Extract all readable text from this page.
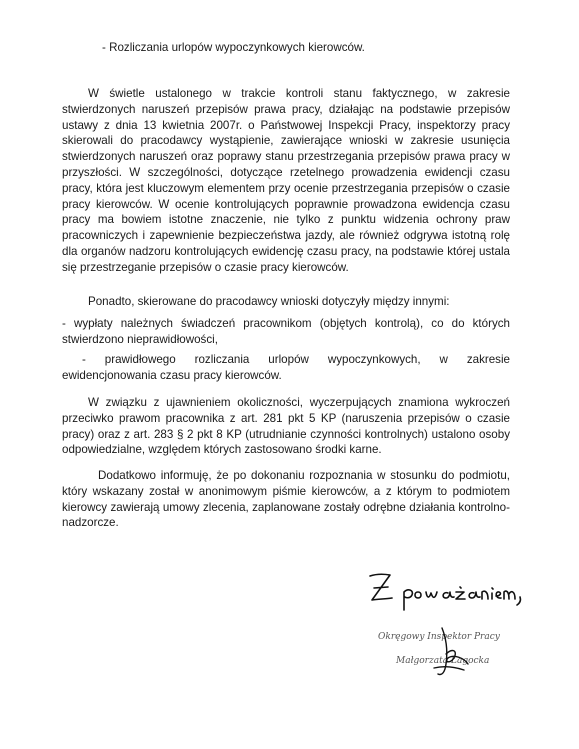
- Rozliczania urlopów wypoczynkowych kierowców.

W świetle ustalonego w trakcie kontroli stanu faktycznego, w zakresie stwierdzonych naruszeń przepisów prawa pracy, działając na podstawie przepisów ustawy z dnia 13 kwietnia 2007r. o Państwowej Inspekcji Pracy, inspektorzy pracy skierowali do pracodawcy wystąpienie, zawierające wnioski w zakresie usunięcia stwierdzonych naruszeń oraz poprawy stanu przestrzegania przepisów prawa pracy w przyszłości. W szczególności, dotyczące rzetelnego prowadzenia ewidencji czasu pracy, która jest kluczowym elementem przy ocenie przestrzegania przepisów o czasie pracy kierowców. W ocenie kontrolujących poprawnie prowadzona ewidencja czasu pracy ma bowiem istotne znaczenie, nie tylko z punktu widzenia ochrony praw pracowniczych i zapewnienie bezpieczeństwa jazdy, ale również odgrywa istotną rolę dla organów nadzoru kontrolujących ewidencję czasu pracy, na podstawie której ustala się przestrzeganie przepisów o czasie pracy kierowców.

Ponadto, skierowane do pracodawcy wnioski dotyczyły między innymi:

- wypłaty należnych świadczeń pracownikom (objętych kontrolą), co do których stwierdzono nieprawidłowości,

- prawidłowego rozliczania urlopów wypoczynkowych, w zakresie ewidencjonowania czasu pracy kierowców.

W związku z ujawnieniem okoliczności, wyczerpujących znamiona wykroczeń przeciwko prawom pracownika z art. 281 pkt 5 KP (naruszenia przepisów o czasie pracy) oraz z art. 283 § 2 pkt 8 KP (utrudnianie czynności kontrolnych) ustalono osoby odpowiedzialne, względem których zastosowano środki karne.

Dodatkowo informuję, że po dokonaniu rozpoznania w stosunku do podmiotu, który wskazany został w anonimowym piśmie kierowców, a z którym to podmiotem kierowcy zawierają umowy zlecenia, zaplanowane zostały odrębne działania kontrolno-nadzorcze.

Okręgowy Inspektor Pracy
Małgorzata Łagocka
